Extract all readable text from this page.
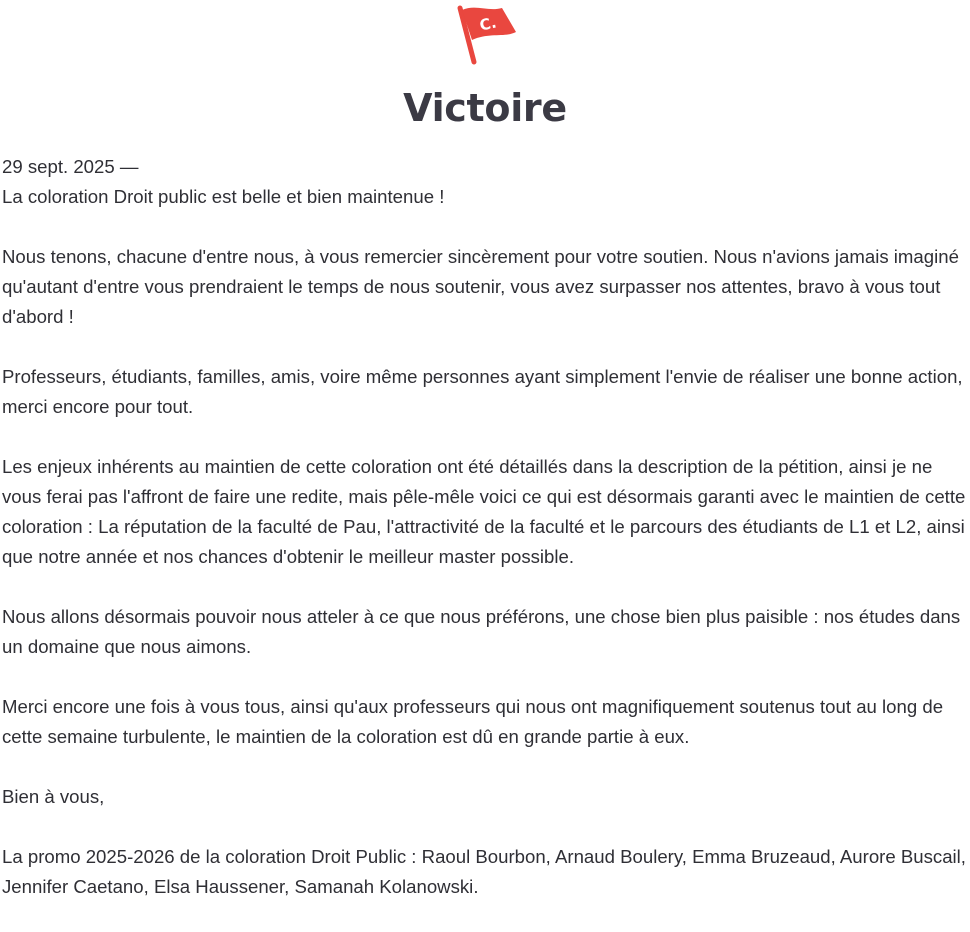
C.
Victoire

29 sept. 2025 —
La coloration Droit public est belle et bien maintenue !

Nous tenons, chacune d'entre nous, à vous remercier sincèrement pour votre soutien. Nous n'avions jamais imaginé qu'autant d'entre vous prendraient le temps de nous soutenir, vous avez surpasser nos attentes, bravo à vous tout d'abord !

Professeurs, étudiants, familles, amis, voire même personnes ayant simplement l'envie de réaliser une bonne action, merci encore pour tout.

Les enjeux inhérents au maintien de cette coloration ont été détaillés dans la description de la pétition, ainsi je ne vous ferai pas l'affront de faire une redite, mais pêle-mêle voici ce qui est désormais garanti avec le maintien de cette coloration : La réputation de la faculté de Pau, l'attractivité de la faculté et le parcours des étudiants de L1 et L2, ainsi que notre année et nos chances d'obtenir le meilleur master possible.

Nous allons désormais pouvoir nous atteler à ce que nous préférons, une chose bien plus paisible : nos études dans un domaine que nous aimons.

Merci encore une fois à vous tous, ainsi qu'aux professeurs qui nous ont magnifiquement soutenus tout au long de cette semaine turbulente, le maintien de la coloration est dû en grande partie à eux.

Bien à vous,

La promo 2025-2026 de la coloration Droit Public : Raoul Bourbon, Arnaud Boulery, Emma Bruzeaud, Aurore Buscail, Jennifer Caetano, Elsa Haussener, Samanah Kolanowski.
